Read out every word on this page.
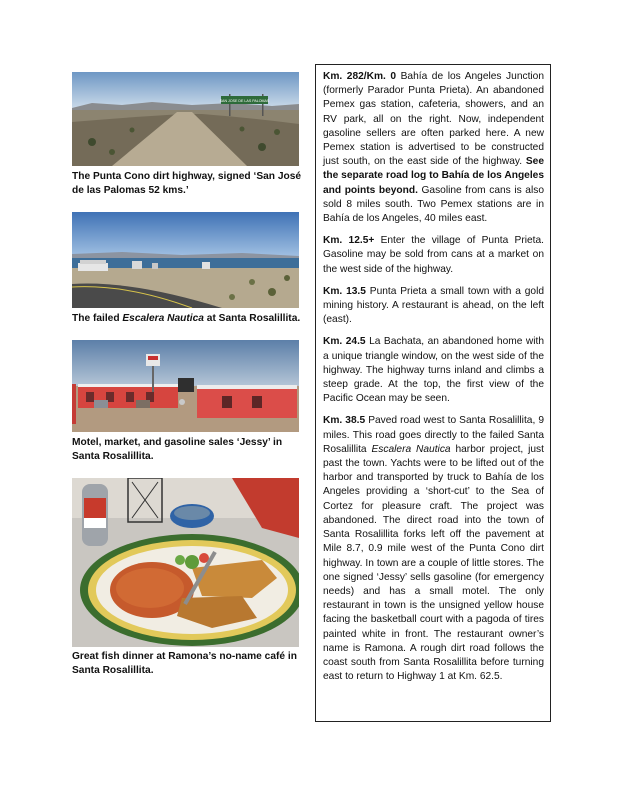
SAN JOSE DE LAS PALOMAS
The Punta Cono dirt highway, signed ‘San José de las Palomas 52 kms.’
The failed Escalera Nautica at Santa Rosalillita.
Motel, market, and gasoline sales ‘Jessy’ in Santa Rosalillita.
Great fish dinner at Ramona’s no-name café in Santa Rosalillita.

Km. 282/Km. 0 Bahía de los Angeles Junction (formerly Parador Punta Prieta). An abandoned Pemex gas station, cafeteria, showers, and an RV park, all on the right. Now, independent gasoline sellers are often parked here. A new Pemex station is advertised to be constructed just south, on the east side of the highway. See the separate road log to Bahía de los Angeles and points beyond. Gasoline from cans is also sold 8 miles south. Two Pemex stations are in Bahía de los Angeles, 40 miles east.

Km. 12.5+ Enter the village of Punta Prieta. Gasoline may be sold from cans at a market on the west side of the highway.

Km. 13.5 Punta Prieta a small town with a gold mining history. A restaurant is ahead, on the left (east).

Km. 24.5 La Bachata, an abandoned home with a unique triangle window, on the west side of the highway. The highway turns inland and climbs a steep grade. At the top, the first view of the Pacific Ocean may be seen.

Km. 38.5 Paved road west to Santa Rosalillita, 9 miles. This road goes directly to the failed Santa Rosalillita Escalera Nautica harbor project, just past the town. Yachts were to be lifted out of the harbor and transported by truck to Bahía de los Angeles providing a ‘short-cut’ to the Sea of Cortez for pleasure craft. The project was abandoned. The direct road into the town of Santa Rosalillita forks left off the pavement at Mile 8.7, 0.9 mile west of the Punta Cono dirt highway. In town are a couple of little stores. The one signed ‘Jessy’ sells gasoline (for emergency needs) and has a small motel. The only restaurant in town is the unsigned yellow house facing the basketball court with a pagoda of tires painted white in front. The restaurant owner’s name is Ramona. A rough dirt road follows the coast south from Santa Rosalillita before turning east to return to Highway 1 at Km. 62.5.
